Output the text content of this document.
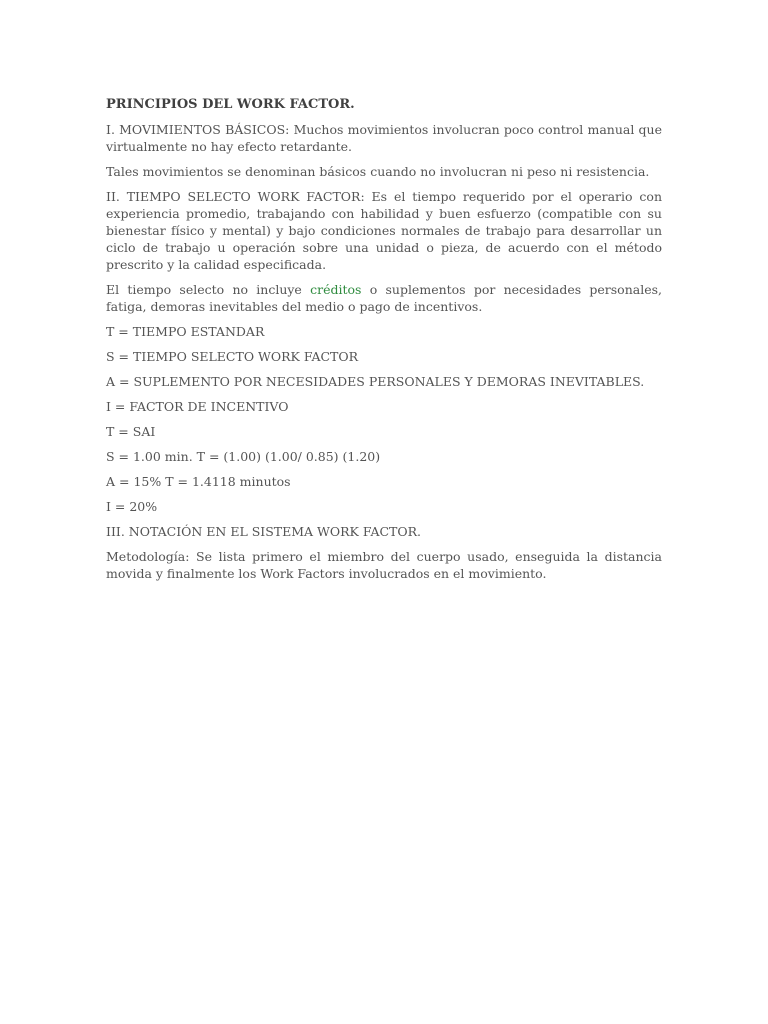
PRINCIPIOS DEL WORK FACTOR.
I. MOVIMIENTOS BÁSICOS: Muchos movimientos involucran poco control manual que virtualmente no hay efecto retardante.
Tales movimientos se denominan básicos cuando no involucran ni peso ni resistencia.
II. TIEMPO SELECTO WORK FACTOR: Es el tiempo requerido por el operario con experiencia promedio, trabajando con habilidad y buen esfuerzo (compatible con su bienestar físico y mental) y bajo condiciones normales de trabajo para desarrollar un ciclo de trabajo u operación sobre una unidad o pieza, de acuerdo con el método prescrito y la calidad especificada.
El tiempo selecto no incluye créditos o suplementos por necesidades personales, fatiga, demoras inevitables del medio o pago de incentivos.
T = TIEMPO ESTANDAR
S = TIEMPO SELECTO WORK FACTOR
A = SUPLEMENTO POR NECESIDADES PERSONALES Y DEMORAS INEVITABLES.
I = FACTOR DE INCENTIVO
T = SAI
S = 1.00 min. T = (1.00) (1.00/ 0.85) (1.20)
A = 15% T = 1.4118 minutos
I = 20%
III. NOTACIÓN EN EL SISTEMA WORK FACTOR.
Metodología: Se lista primero el miembro del cuerpo usado, enseguida la distancia movida y finalmente los Work Factors involucrados en el movimiento.
